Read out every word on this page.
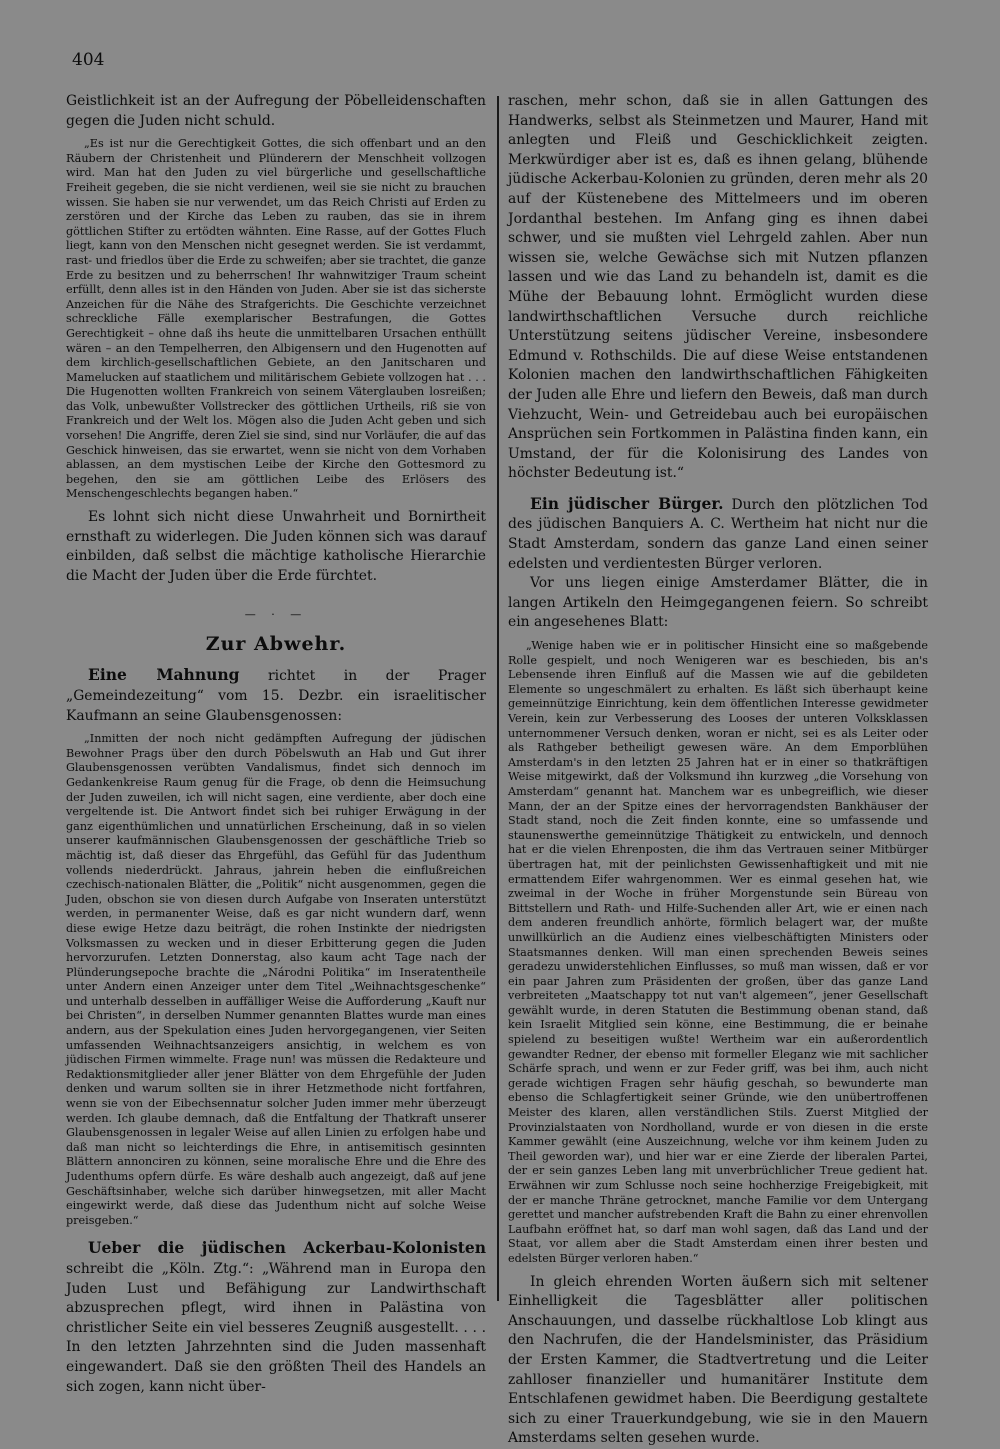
404

Geistlichkeit ist an der Aufregung der Pöbelleidenschaften gegen die Juden nicht schuld.

„Es ist nur die Gerechtigkeit Gottes, die sich offenbart und an den Räubern der Christenheit und Plünderern der Menschheit vollzogen wird. Man hat den Juden zu viel bürgerliche und gesellschaftliche Freiheit gegeben, die sie nicht verdienen, weil sie sie nicht zu brauchen wissen. Sie haben sie nur verwendet, um das Reich Christi auf Erden zu zerstören und der Kirche das Leben zu rauben, das sie in ihrem göttlichen Stifter zu ertödten wähnten. Eine Rasse, auf der Gottes Fluch liegt, kann von den Menschen nicht gesegnet werden. Sie ist verdammt, rast- und friedlos über die Erde zu schweifen; aber sie trachtet, die ganze Erde zu besitzen und zu beherrschen! Ihr wahnwitziger Traum scheint erfüllt, denn alles ist in den Händen von Juden. Aber sie ist das sicherste Anzeichen für die Nähe des Strafgerichts. Die Geschichte verzeichnet schreckliche Fälle exemplarischer Bestrafungen, die Gottes Gerechtigkeit – ohne daß ihs heute die unmittelbaren Ursachen enthüllt wären – an den Tempelherren, den Albigensern und den Hugenotten auf dem kirchlich-gesellschaftlichen Gebiete, an den Janitscharen und Mamelucken auf staatlichem und militärischem Gebiete vollzogen hat . . . Die Hugenotten wollten Frankreich von seinem Väterglauben losreißen; das Volk, unbewußter Vollstrecker des göttlichen Urtheils, riß sie von Frankreich und der Welt los. Mögen also die Juden Acht geben und sich vorsehen! Die Angriffe, deren Ziel sie sind, sind nur Vorläufer, die auf das Geschick hinweisen, das sie erwartet, wenn sie nicht von dem Vorhaben ablassen, an dem mystischen Leibe der Kirche den Gottesmord zu begehen, den sie am göttlichen Leibe des Erlösers des Menschengeschlechts begangen haben.“

Es lohnt sich nicht diese Unwahrheit und Bornirtheit ernsthaft zu widerlegen. Die Juden können sich was darauf einbilden, daß selbst die mächtige katholische Hierarchie die Macht der Juden über die Erde fürchtet.

— · —
Zur Abwehr.

Eine Mahnung richtet in der Prager „Gemeindezeitung“ vom 15. Dezbr. ein israelitischer Kaufmann an seine Glaubensgenossen:

„Inmitten der noch nicht gedämpften Aufregung der jüdischen Bewohner Prags über den durch Pöbelswuth an Hab und Gut ihrer Glaubensgenossen verübten Vandalismus, findet sich dennoch im Gedankenkreise Raum genug für die Frage, ob denn die Heimsuchung der Juden zuweilen, ich will nicht sagen, eine verdiente, aber doch eine vergeltende ist. Die Antwort findet sich bei ruhiger Erwägung in der ganz eigenthümlichen und unnatürlichen Erscheinung, daß in so vielen unserer kaufmännischen Glaubensgenossen der geschäftliche Trieb so mächtig ist, daß dieser das Ehrgefühl, das Gefühl für das Judenthum vollends niederdrückt. Jahraus, jahrein heben die einflußreichen czechisch-nationalen Blätter, die „Politik“ nicht ausgenommen, gegen die Juden, obschon sie von diesen durch Aufgabe von Inseraten unterstützt werden, in permanenter Weise, daß es gar nicht wundern darf, wenn diese ewige Hetze dazu beiträgt, die rohen Instinkte der niedrigsten Volksmassen zu wecken und in dieser Erbitterung gegen die Juden hervorzurufen. Letzten Donnerstag, also kaum acht Tage nach der Plünderungsepoche brachte die „Národni Politika“ im Inseratentheile unter Andern einen Anzeiger unter dem Titel „Weihnachtsgeschenke“ und unterhalb desselben in auffälliger Weise die Aufforderung „Kauft nur bei Christen“, in derselben Nummer genannten Blattes wurde man eines andern, aus der Spekulation eines Juden hervorgegangenen, vier Seiten umfassenden Weihnachtsanzeigers ansichtig, in welchem es von jüdischen Firmen wimmelte. Frage nun! was müssen die Redakteure und Redaktionsmitglieder aller jener Blätter von dem Ehrgefühle der Juden denken und warum sollten sie in ihrer Hetzmethode nicht fortfahren, wenn sie von der Eibechsennatur solcher Juden immer mehr überzeugt werden. Ich glaube demnach, daß die Entfaltung der Thatkraft unserer Glaubensgenossen in legaler Weise auf allen Linien zu erfolgen habe und daß man nicht so leichterdings die Ehre, in antisemitisch gesinnten Blättern annonciren zu können, seine moralische Ehre und die Ehre des Judenthums opfern dürfe. Es wäre deshalb auch angezeigt, daß auf jene Geschäftsinhaber, welche sich darüber hinwegsetzen, mit aller Macht eingewirkt werde, daß diese das Judenthum nicht auf solche Weise preisgeben.“

Ueber die jüdischen Ackerbau-Kolonisten schreibt die „Köln. Ztg.“: „Während man in Europa den Juden Lust und Befähigung zur Landwirthschaft abzusprechen pflegt, wird ihnen in Palästina von christlicher Seite ein viel besseres Zeugniß ausgestellt. . . . In den letzten Jahrzehnten sind die Juden massenhaft eingewandert. Daß sie den größten Theil des Handels an sich zogen, kann nicht über-

raschen, mehr schon, daß sie in allen Gattungen des Handwerks, selbst als Steinmetzen und Maurer, Hand mit anlegten und Fleiß und Geschicklichkeit zeigten. Merkwürdiger aber ist es, daß es ihnen gelang, blühende jüdische Ackerbau-Kolonien zu gründen, deren mehr als 20 auf der Küstenebene des Mittelmeers und im oberen Jordanthal bestehen. Im Anfang ging es ihnen dabei schwer, und sie mußten viel Lehrgeld zahlen. Aber nun wissen sie, welche Gewächse sich mit Nutzen pflanzen lassen und wie das Land zu behandeln ist, damit es die Mühe der Bebauung lohnt. Ermöglicht wurden diese landwirthschaftlichen Versuche durch reichliche Unterstützung seitens jüdischer Vereine, insbesondere Edmund v. Rothschilds. Die auf diese Weise entstandenen Kolonien machen den landwirthschaftlichen Fähigkeiten der Juden alle Ehre und liefern den Beweis, daß man durch Viehzucht, Wein- und Getreidebau auch bei europäischen Ansprüchen sein Fortkommen in Palästina finden kann, ein Umstand, der für die Kolonisirung des Landes von höchster Bedeutung ist.“

Ein jüdischer Bürger. Durch den plötzlichen Tod des jüdischen Banquiers A. C. Wertheim hat nicht nur die Stadt Amsterdam, sondern das ganze Land einen seiner edelsten und verdientesten Bürger verloren.

Vor uns liegen einige Amsterdamer Blätter, die in langen Artikeln den Heimgegangenen feiern. So schreibt ein angesehenes Blatt:

„Wenige haben wie er in politischer Hinsicht eine so maßgebende Rolle gespielt, und noch Wenigeren war es beschieden, bis an's Lebensende ihren Einfluß auf die Massen wie auf die gebildeten Elemente so ungeschmälert zu erhalten. Es läßt sich überhaupt keine gemeinnützige Einrichtung, kein dem öffentlichen Interesse gewidmeter Verein, kein zur Verbesserung des Looses der unteren Volksklassen unternommener Versuch denken, woran er nicht, sei es als Leiter oder als Rathgeber betheiligt gewesen wäre. An dem Emporblühen Amsterdam's in den letzten 25 Jahren hat er in einer so thatkräftigen Weise mitgewirkt, daß der Volksmund ihn kurzweg „die Vorsehung von Amsterdam“ genannt hat. Manchem war es unbegreiflich, wie dieser Mann, der an der Spitze eines der hervorragendsten Bankhäuser der Stadt stand, noch die Zeit finden konnte, eine so umfassende und staunenswerthe gemeinnützige Thätigkeit zu entwickeln, und dennoch hat er die vielen Ehrenposten, die ihm das Vertrauen seiner Mitbürger übertragen hat, mit der peinlichsten Gewissenhaftigkeit und mit nie ermattendem Eifer wahrgenommen. Wer es einmal gesehen hat, wie zweimal in der Woche in früher Morgenstunde sein Büreau von Bittstellern und Rath- und Hilfe-Suchenden aller Art, wie er einen nach dem anderen freundlich anhörte, förmlich belagert war, der mußte unwillkürlich an die Audienz eines vielbeschäftigten Ministers oder Staatsmannes denken. Will man einen sprechenden Beweis seines geradezu unwiderstehlichen Einflusses, so muß man wissen, daß er vor ein paar Jahren zum Präsidenten der großen, über das ganze Land verbreiteten „Maatschappy tot nut van't algemeen“, jener Gesellschaft gewählt wurde, in deren Statuten die Bestimmung obenan stand, daß kein Israelit Mitglied sein könne, eine Bestimmung, die er beinahe spielend zu beseitigen wußte! Wertheim war ein außerordentlich gewandter Redner, der ebenso mit formeller Eleganz wie mit sachlicher Schärfe sprach, und wenn er zur Feder griff, was bei ihm, auch nicht gerade wichtigen Fragen sehr häufig geschah, so bewunderte man ebenso die Schlagfertigkeit seiner Gründe, wie den unübertroffenen Meister des klaren, allen verständlichen Stils. Zuerst Mitglied der Provinzialstaaten von Nordholland, wurde er von diesen in die erste Kammer gewählt (eine Auszeichnung, welche vor ihm keinem Juden zu Theil geworden war), und hier war er eine Zierde der liberalen Partei, der er sein ganzes Leben lang mit unverbrüchlicher Treue gedient hat. Erwähnen wir zum Schlusse noch seine hochherzige Freigebigkeit, mit der er manche Thräne getrocknet, manche Familie vor dem Untergang gerettet und mancher aufstrebenden Kraft die Bahn zu einer ehrenvollen Laufbahn eröffnet hat, so darf man wohl sagen, daß das Land und der Staat, vor allem aber die Stadt Amsterdam einen ihrer besten und edelsten Bürger verloren haben.“

In gleich ehrenden Worten äußern sich mit seltener Einhelligkeit die Tagesblätter aller politischen Anschauungen, und dasselbe rückhaltlose Lob klingt aus den Nachrufen, die der Handelsminister, das Präsidium der Ersten Kammer, die Stadtvertretung und die Leiter zahlloser finanzieller und humanitärer Institute dem Entschlafenen gewidmet haben. Die Beerdigung gestaltete sich zu einer Trauerkundgebung, wie sie in den Mauern Amsterdams selten gesehen wurde.
